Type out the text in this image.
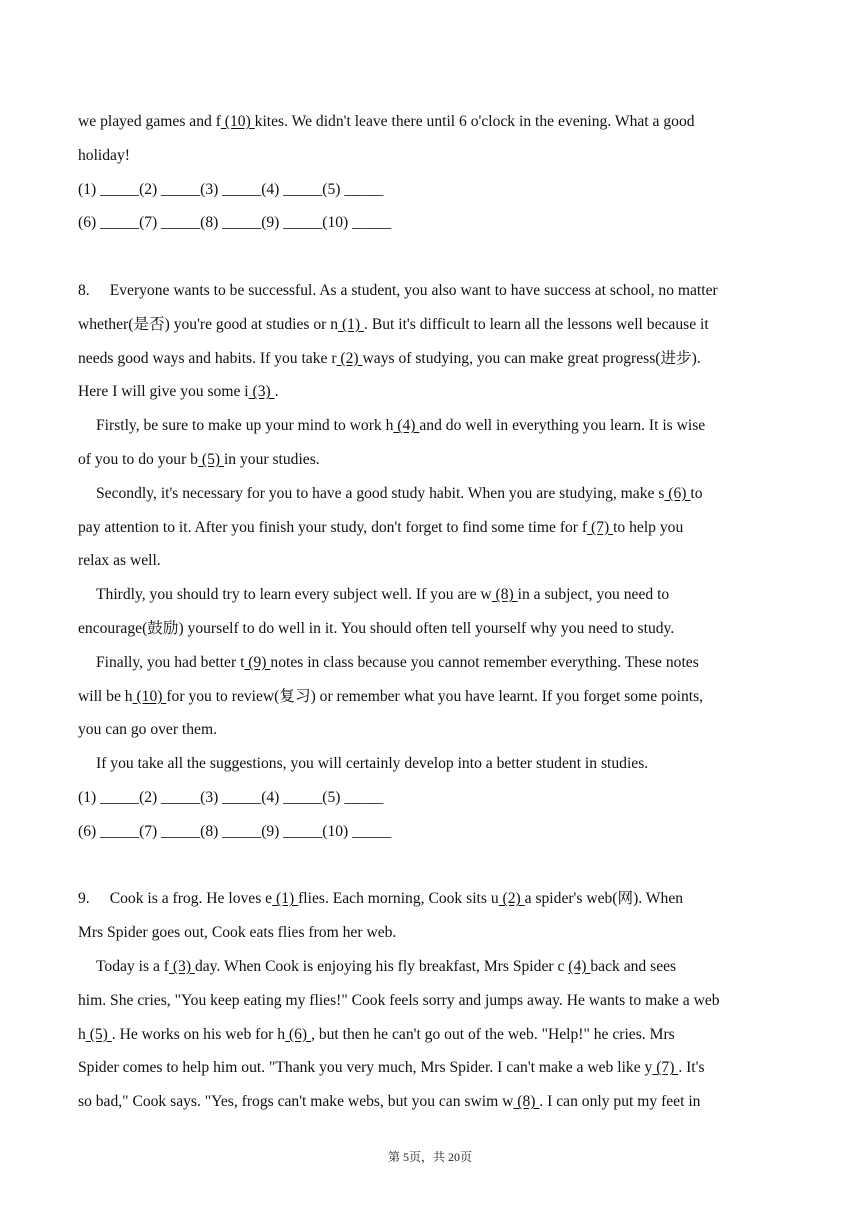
we played games and f (10) kites. We didn't leave there until 6 o'clock in the evening. What a good
holiday!
(1) _____(2) _____(3) _____(4) _____(5) _____
(6) _____(7) _____(8) _____(9) _____(10) _____
8. Everyone wants to be successful. As a student, you also want to have success at school, no matter
whether(是否) you're good at studies or n (1) . But it's difficult to learn all the lessons well because it
needs good ways and habits. If you take r (2) ways of studying, you can make great progress(进步).
Here I will give you some i (3) .
Firstly, be sure to make up your mind to work h (4) and do well in everything you learn. It is wise
of you to do your b (5) in your studies.
Secondly, it's necessary for you to have a good study habit. When you are studying, make s (6) to
pay attention to it. After you finish your study, don't forget to find some time for f (7) to help you
relax as well.
Thirdly, you should try to learn every subject well. If you are w (8) in a subject, you need to
encourage(鼓励) yourself to do well in it. You should often tell yourself why you need to study.
Finally, you had better t (9) notes in class because you cannot remember everything. These notes
will be h (10) for you to review(复习) or remember what you have learnt. If you forget some points,
you can go over them.
If you take all the suggestions, you will certainly develop into a better student in studies.
(1) _____(2) _____(3) _____(4) _____(5) _____
(6) _____(7) _____(8) _____(9) _____(10) _____
9. Cook is a frog. He loves e (1) flies. Each morning, Cook sits u (2) a spider's web(网). When
Mrs Spider goes out, Cook eats flies from her web.
Today is a f (3) day. When Cook is enjoying his fly breakfast, Mrs Spider c (4) back and sees
him. She cries, "You keep eating my flies!" Cook feels sorry and jumps away. He wants to make a web
h (5) . He works on his web for h (6) , but then he can't go out of the web. "Help!" he cries. Mrs
Spider comes to help him out. "Thank you very much, Mrs Spider. I can't make a web like y (7) . It's
so bad," Cook says. "Yes, frogs can't make webs, but you can swim w (8) . I can only put my feet in
第 5页，共 20页
